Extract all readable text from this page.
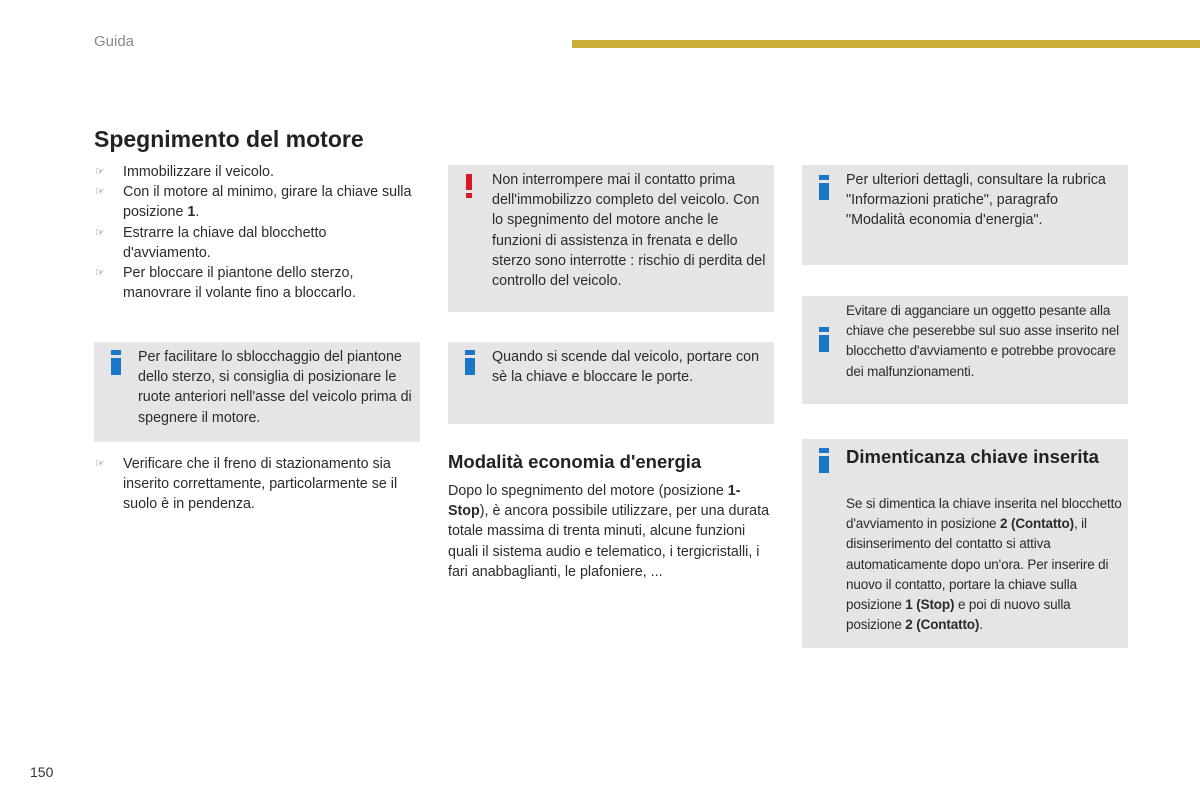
Guida
Spegnimento del motore
☞ Immobilizzare il veicolo.
☞ Con il motore al minimo, girare la chiave sulla posizione 1.
☞ Estrarre la chiave dal blocchetto d'avviamento.
☞ Per bloccare il piantone dello sterzo, manovrare il volante fino a bloccarlo.

Per facilitare lo sblocchaggio del piantone dello sterzo, si consiglia di posizionare le ruote anteriori nell'asse del veicolo prima di spegnere il motore.

☞ Verificare che il freno di stazionamento sia inserito correttamente, particolarmente se il suolo è in pendenza.

Non interrompere mai il contatto prima dell'immobilizzo completo del veicolo. Con lo spegnimento del motore anche le funzioni di assistenza in frenata e dello sterzo sono interrotte : rischio di perdita del controllo del veicolo.

Quando si scende dal veicolo, portare con sè la chiave e bloccare le porte.

Modalità economia d'energia

Dopo lo spegnimento del motore (posizione 1-Stop), è ancora possibile utilizzare, per una durata totale massima di trenta minuti, alcune funzioni quali il sistema audio e telematico, i tergicristalli, i fari anabbaglianti, le plafoniere, ...

Per ulteriori dettagli, consultare la rubrica "Informazioni pratiche", paragrafo "Modalità economia d'energia".

Evitare di agganciare un oggetto pesante alla chiave che peserebbe sul suo asse inserito nel blocchetto d'avviamento e potrebbe provocare dei malfunzionamenti.

Dimenticanza chiave inserita

Se si dimentica la chiave inserita nel blocchetto d'avviamento in posizione 2 (Contatto), il disinserimento del contatto si attiva automaticamente dopo un'ora. Per inserire di nuovo il contatto, portare la chiave sulla posizione 1 (Stop) e poi di nuovo sulla posizione 2 (Contatto).

150
